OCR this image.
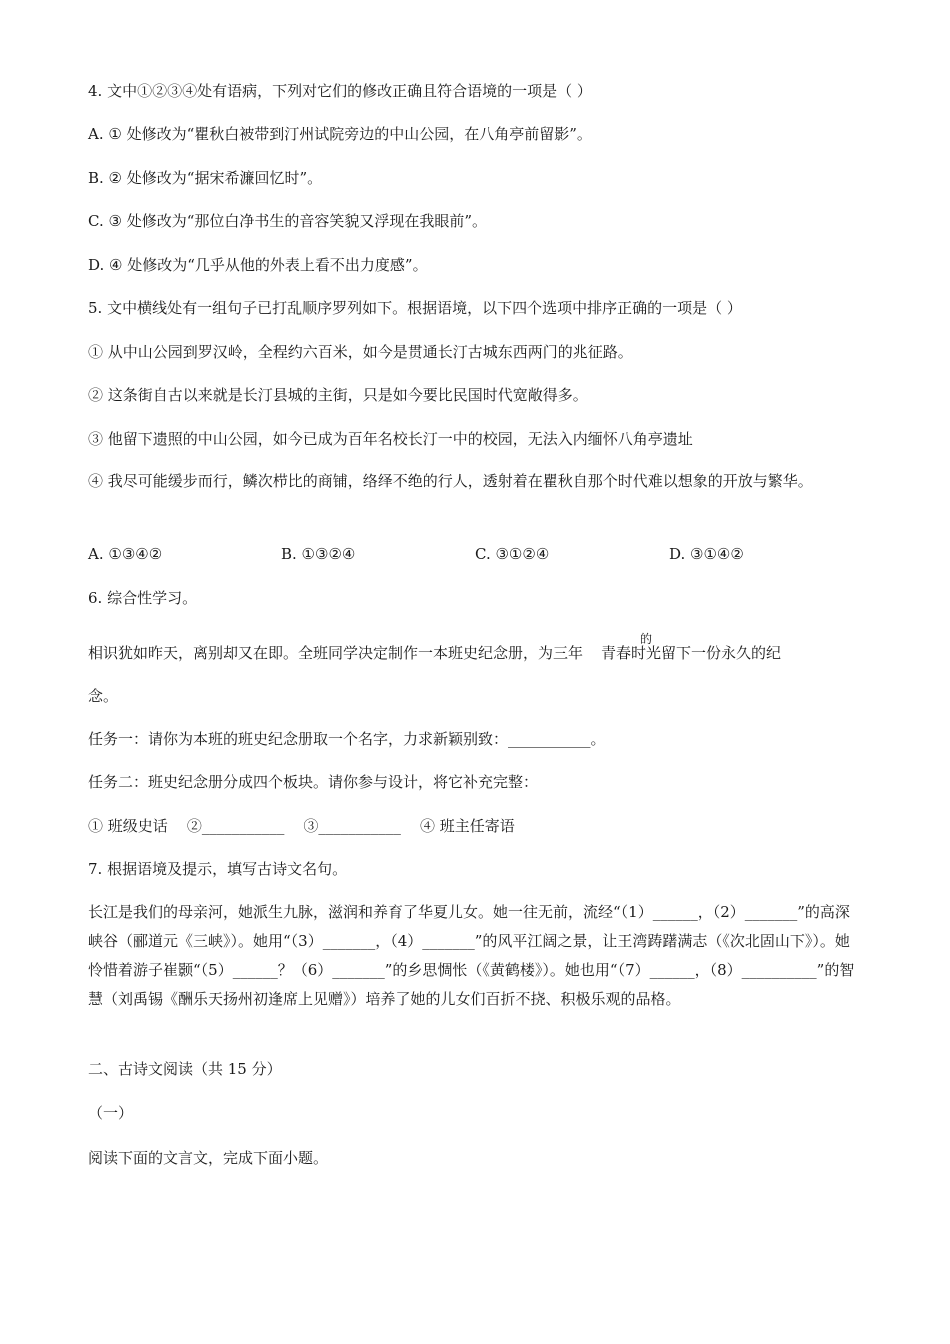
4. 文中①②③④处有语病，下列对它们的修改正确且符合语境的一项是（ ）
A. ① 处修改为“瞿秋白被带到汀州试院旁边的中山公园，在八角亭前留影”。
B. ② 处修改为“据宋希濂回忆时”。
C. ③ 处修改为“那位白净书生的音容笑貌又浮现在我眼前”。
D. ④ 处修改为“几乎从他的外表上看不出力度感”。
5. 文中横线处有一组句子已打乱顺序罗列如下。根据语境，以下四个选项中排序正确的一项是（ ）
① 从中山公园到罗汉岭，全程约六百米，如今是贯通长汀古城东西两门的兆征路。
② 这条街自古以来就是长汀县城的主街，只是如今要比民国时代宽敞得多。
③ 他留下遗照的中山公园，如今已成为百年名校长汀一中的校园，无法入内缅怀八角亭遗址
④ 我尽可能缓步而行，鳞次栉比的商铺，络绎不绝的行人，透射着在瞿秋自那个时代难以想象的开放与繁华。
A. ①③④②	B. ①③②④	C. ③①②④	D. ③①④②
6. 综合性学习。
相识犹如昨天，离别却又在即。全班同学决定制作一本班史纪念册，为三年 青春时光留下一份永久的纪
的
念。
任务一：请你为本班的班史纪念册取一个名字，力求新颖别致：___________。
任务二：班史纪念册分成四个板块。请你参与设计，将它补充完整：
① 班级史话    ②___________    ③___________    ④ 班主任寄语
7. 根据语境及提示，填写古诗文名句。
长江是我们的母亲河，她派生九脉，滋润和养育了华夏儿女。她一往无前，流经“（1）______，（2）_______”的高深峡谷（郦道元《三峡》）。她用“（3）_______，（4）_______”的风平江阔之景，让王湾踌躇满志（《次北固山下》）。她怜惜着游子崔颢“（5）______？（6）_______”的乡思惆怅（《黄鹤楼》）。她也用“（7）______，（8）__________”的智慧（刘禹锡《酬乐天扬州初逢席上见赠》）培养了她的儿女们百折不挠、积极乐观的品格。
二、古诗文阅读（共 15 分）
（一）
阅读下面的文言文，完成下面小题。
